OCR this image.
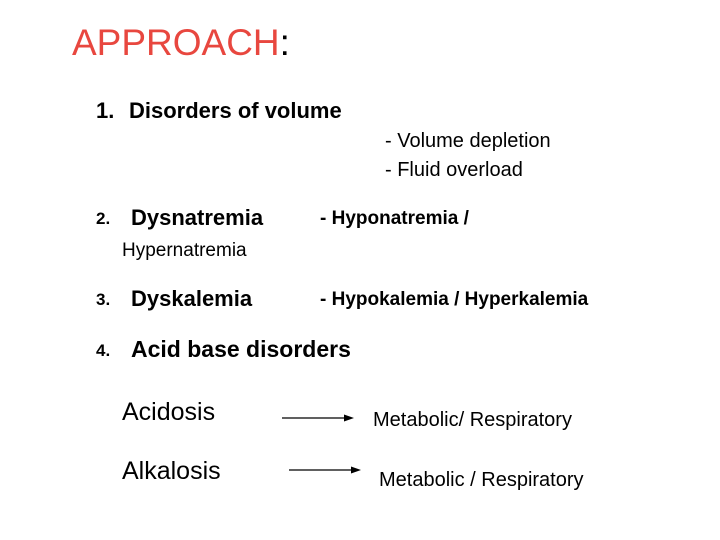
APPROACH:
1. Disorders of volume
- Volume depletion
- Fluid overload
2. Dysnatremia	- Hyponatremia /
Hypernatremia
3. Dyskalemia	- Hypokalemia / Hyperkalemia
4. Acid base disorders
Acidosis	Metabolic/ Respiratory
Alkalosis	Metabolic / Respiratory
